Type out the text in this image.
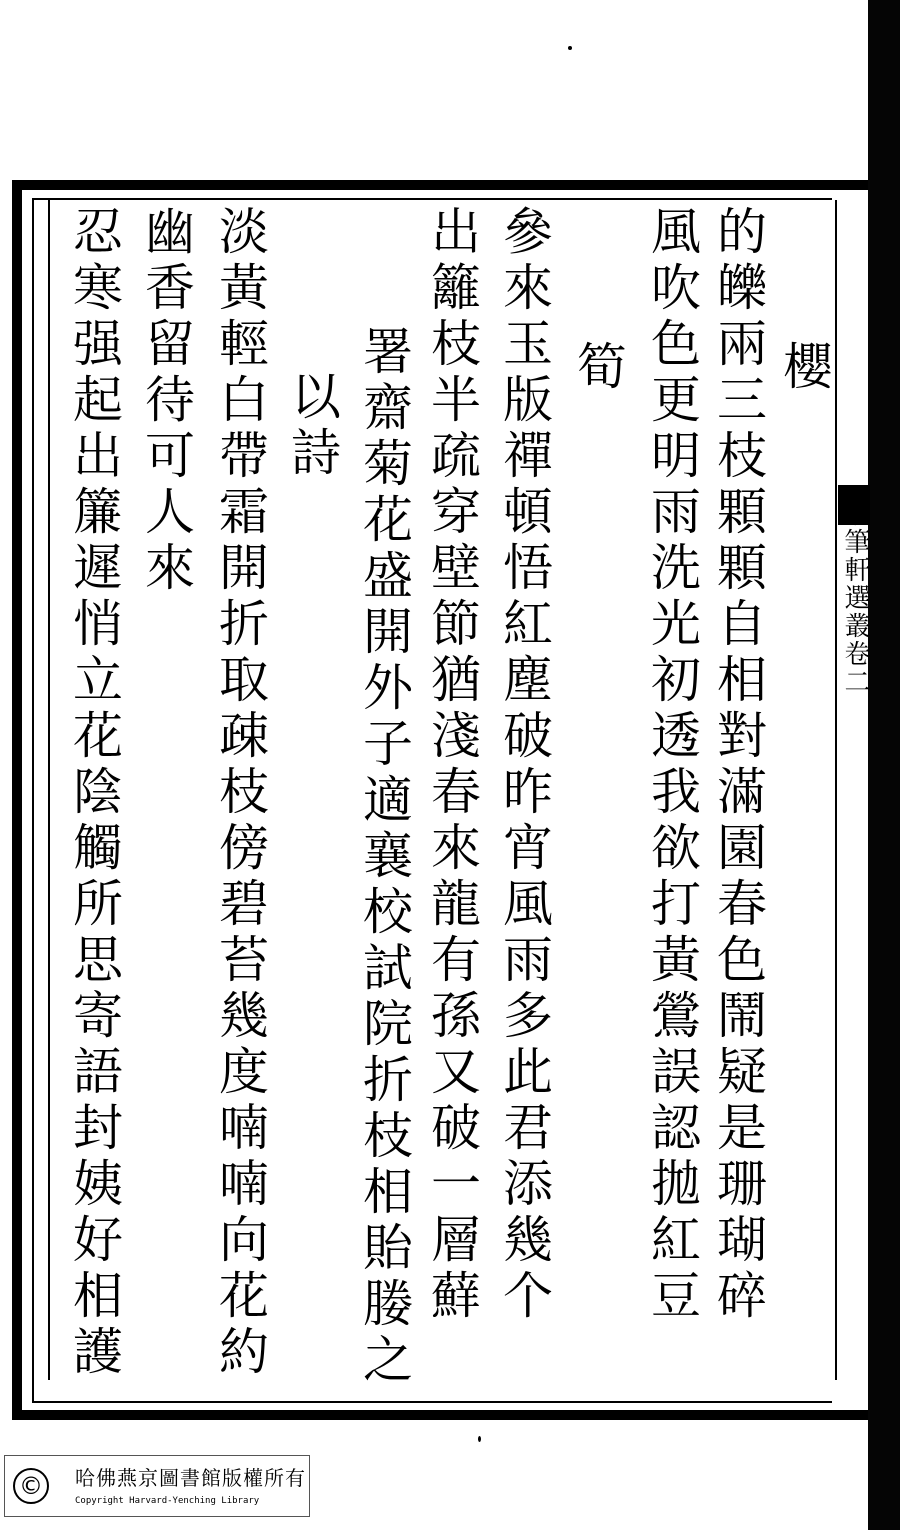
叢筆軒選叢卷二
櫻
的皪兩三枝顆顆自相對滿園春色鬧疑是珊瑚碎
風吹色更明雨洗光初透我欲打黃鶯誤認拋紅豆
筍
參來玉版禪頓悟紅塵破昨宵風雨多此君添幾个
出籬枝半疏穿壁節猶淺春來龍有孫又破一層蘚
署齋菊花盛開外子適襄校試院折枝相貽媵之
以詩
淡黃輕白帶霜開折取疎枝傍碧苔幾度喃喃向花約
幽香留待可人來
忍寒强起出簾遲悄立花陰觸所思寄語封姨好相護
©	哈佛燕京圖書館版權所有
Copyright Harvard-Yenching Library
